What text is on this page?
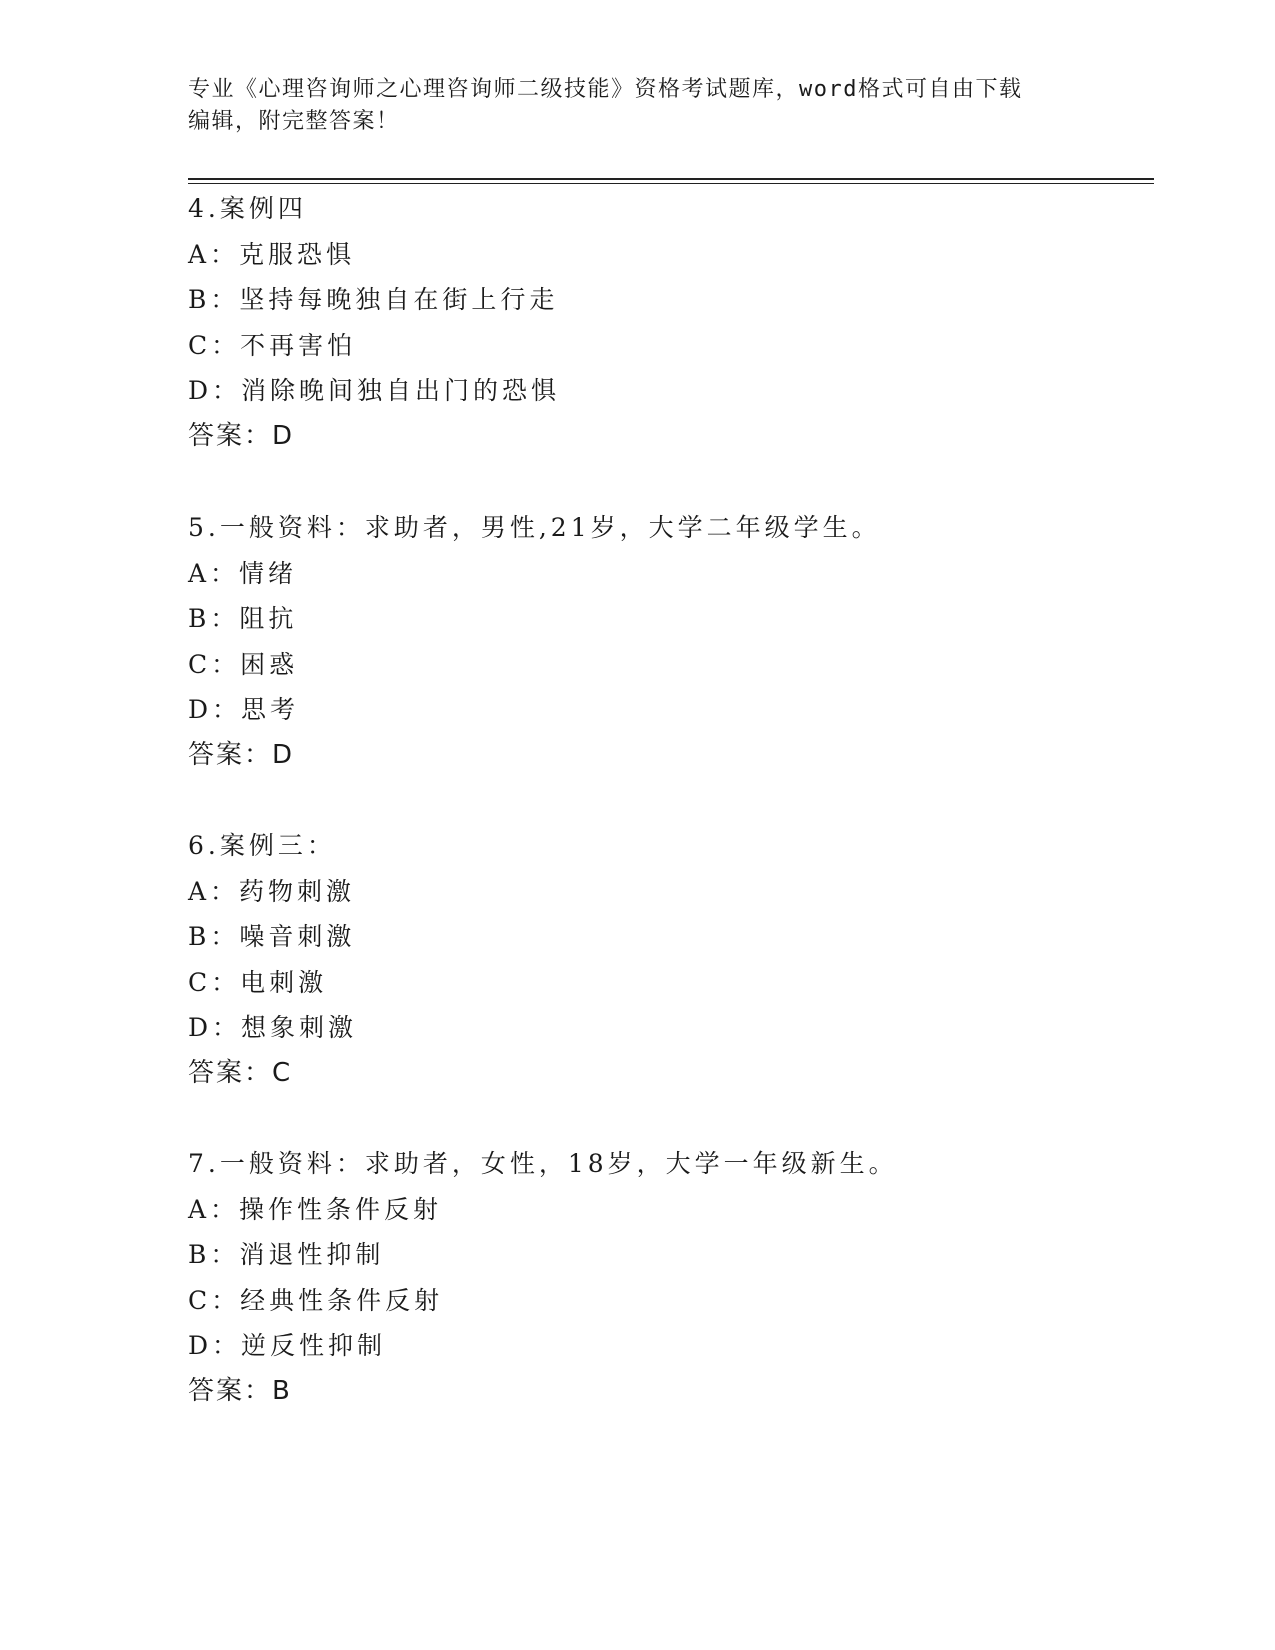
专业《心理咨询师之心理咨询师二级技能》资格考试题库，word格式可自由下载
编辑，附完整答案！
4.案例四
A：克服恐惧
B：坚持每晚独自在街上行走
C：不再害怕
D：消除晚间独自出门的恐惧
答案：D
5.一般资料：求助者，男性,21岁，大学二年级学生。
A：情绪
B：阻抗
C：困惑
D：思考
答案：D
6.案例三：
A：药物刺激
B：噪音刺激
C：电刺激
D：想象刺激
答案：C
7.一般资料：求助者，女性，18岁，大学一年级新生。
A：操作性条件反射
B：消退性抑制
C：经典性条件反射
D：逆反性抑制
答案：B
